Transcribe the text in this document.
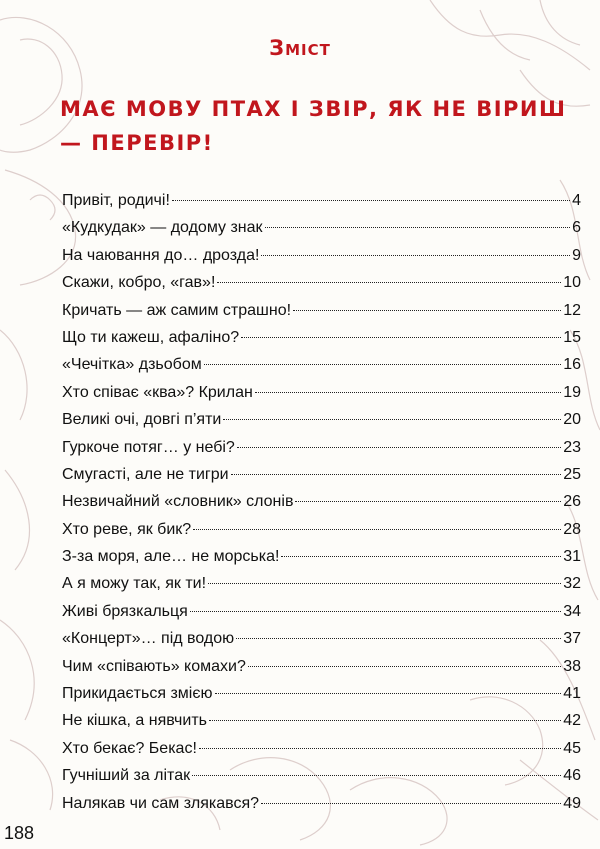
Зміст
МАЄ МОВУ ПТАХ І ЗВІР, ЯК НЕ ВІРИШ — ПЕРЕВІР!
Привіт, родичі!	4
«Кудкудак» — додому знак	6
На чаювання до… дрозда!	9
Скажи, кобро, «гав»!	10
Кричать — аж самим страшно!	12
Що ти кажеш, афаліно?	15
«Чечітка» дзьобом	16
Хто співає «ква»? Крилан	19
Великі очі, довгі п’яти	20
Гуркоче потяг… у небі?	23
Смугасті, але не тигри	25
Незвичайний «словник» слонів	26
Хто реве, як бик?	28
З-за моря, але… не морська!	31
А я можу так, як ти!	32
Живі брязкальця	34
«Концерт»… під водою	37
Чим «співають» комахи?	38
Прикидається змією	41
Не кішка, а нявчить	42
Хто бекає? Бекас!	45
Гучніший за літак	46
Налякав чи сам злякався?	49
188
